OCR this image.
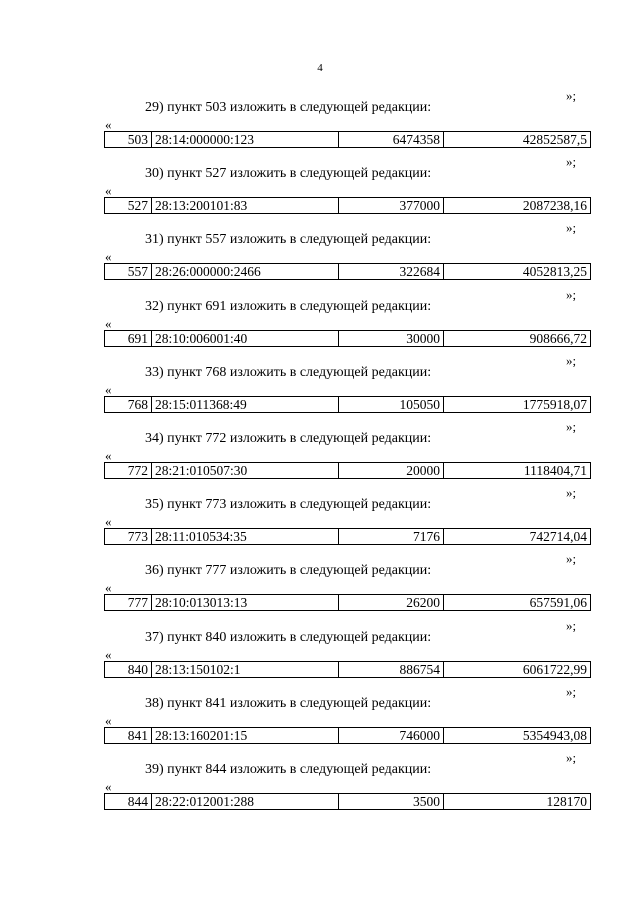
4
»;
29) пункт 503 изложить в следующей редакции:
«
503	28:14:000000:123	6474358	42852587,5
»;
30) пункт 527 изложить в следующей редакции:
«
527	28:13:200101:83	377000	2087238,16
»;
31) пункт 557 изложить в следующей редакции:
«
557	28:26:000000:2466	322684	4052813,25
»;
32) пункт 691 изложить в следующей редакции:
«
691	28:10:006001:40	30000	908666,72
»;
33) пункт 768 изложить в следующей редакции:
«
768	28:15:011368:49	105050	1775918,07
»;
34) пункт 772 изложить в следующей редакции:
«
772	28:21:010507:30	20000	1118404,71
»;
35) пункт 773 изложить в следующей редакции:
«
773	28:11:010534:35	7176	742714,04
»;
36) пункт 777 изложить в следующей редакции:
«
777	28:10:013013:13	26200	657591,06
»;
37) пункт 840 изложить в следующей редакции:
«
840	28:13:150102:1	886754	6061722,99
»;
38) пункт 841 изложить в следующей редакции:
«
841	28:13:160201:15	746000	5354943,08
»;
39) пункт 844 изложить в следующей редакции:
«
844	28:22:012001:288	3500	128170
